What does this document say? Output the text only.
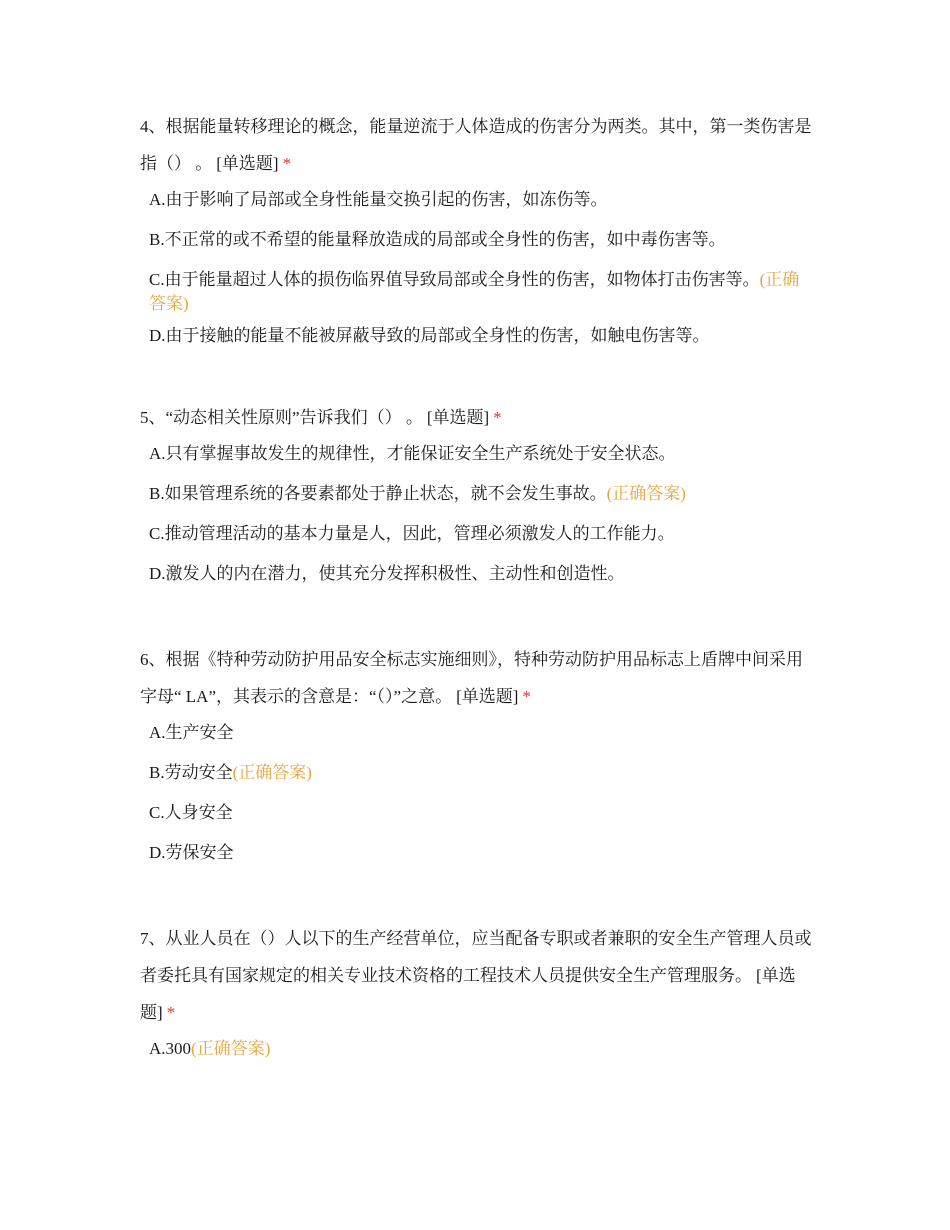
4、根据能量转移理论的概念，能量逆流于人体造成的伤害分为两类。其中，第一类伤害是指（） 。 [单选题] *

A.由于影响了局部或全身性能量交换引起的伤害，如冻伤等。
B.不正常的或不希望的能量释放造成的局部或全身性的伤害，如中毒伤害等。
C.由于能量超过人体的损伤临界值导致局部或全身性的伤害，如物体打击伤害等。(正确答案)
D.由于接触的能量不能被屏蔽导致的局部或全身性的伤害，如触电伤害等。

5、“动态相关性原则”告诉我们（） 。 [单选题] *

A.只有掌握事故发生的规律性，才能保证安全生产系统处于安全状态。
B.如果管理系统的各要素都处于静止状态，就不会发生事故。(正确答案)
C.推动管理活动的基本力量是人，因此，管理必须激发人的工作能力。
D.激发人的内在潜力，使其充分发挥积极性、主动性和创造性。

6、根据《特种劳动防护用品安全标志实施细则》，特种劳动防护用品标志上盾牌中间采用字母“ LA”，其表示的含意是：“（）”之意。 [单选题] *

A.生产安全
B.劳动安全(正确答案)
C.人身安全
D.劳保安全

7、从业人员在（）人以下的生产经营单位，应当配备专职或者兼职的安全生产管理人员或者委托具有国家规定的相关专业技术资格的工程技术人员提供安全生产管理服务。 [单选题] *

A.300(正确答案)
